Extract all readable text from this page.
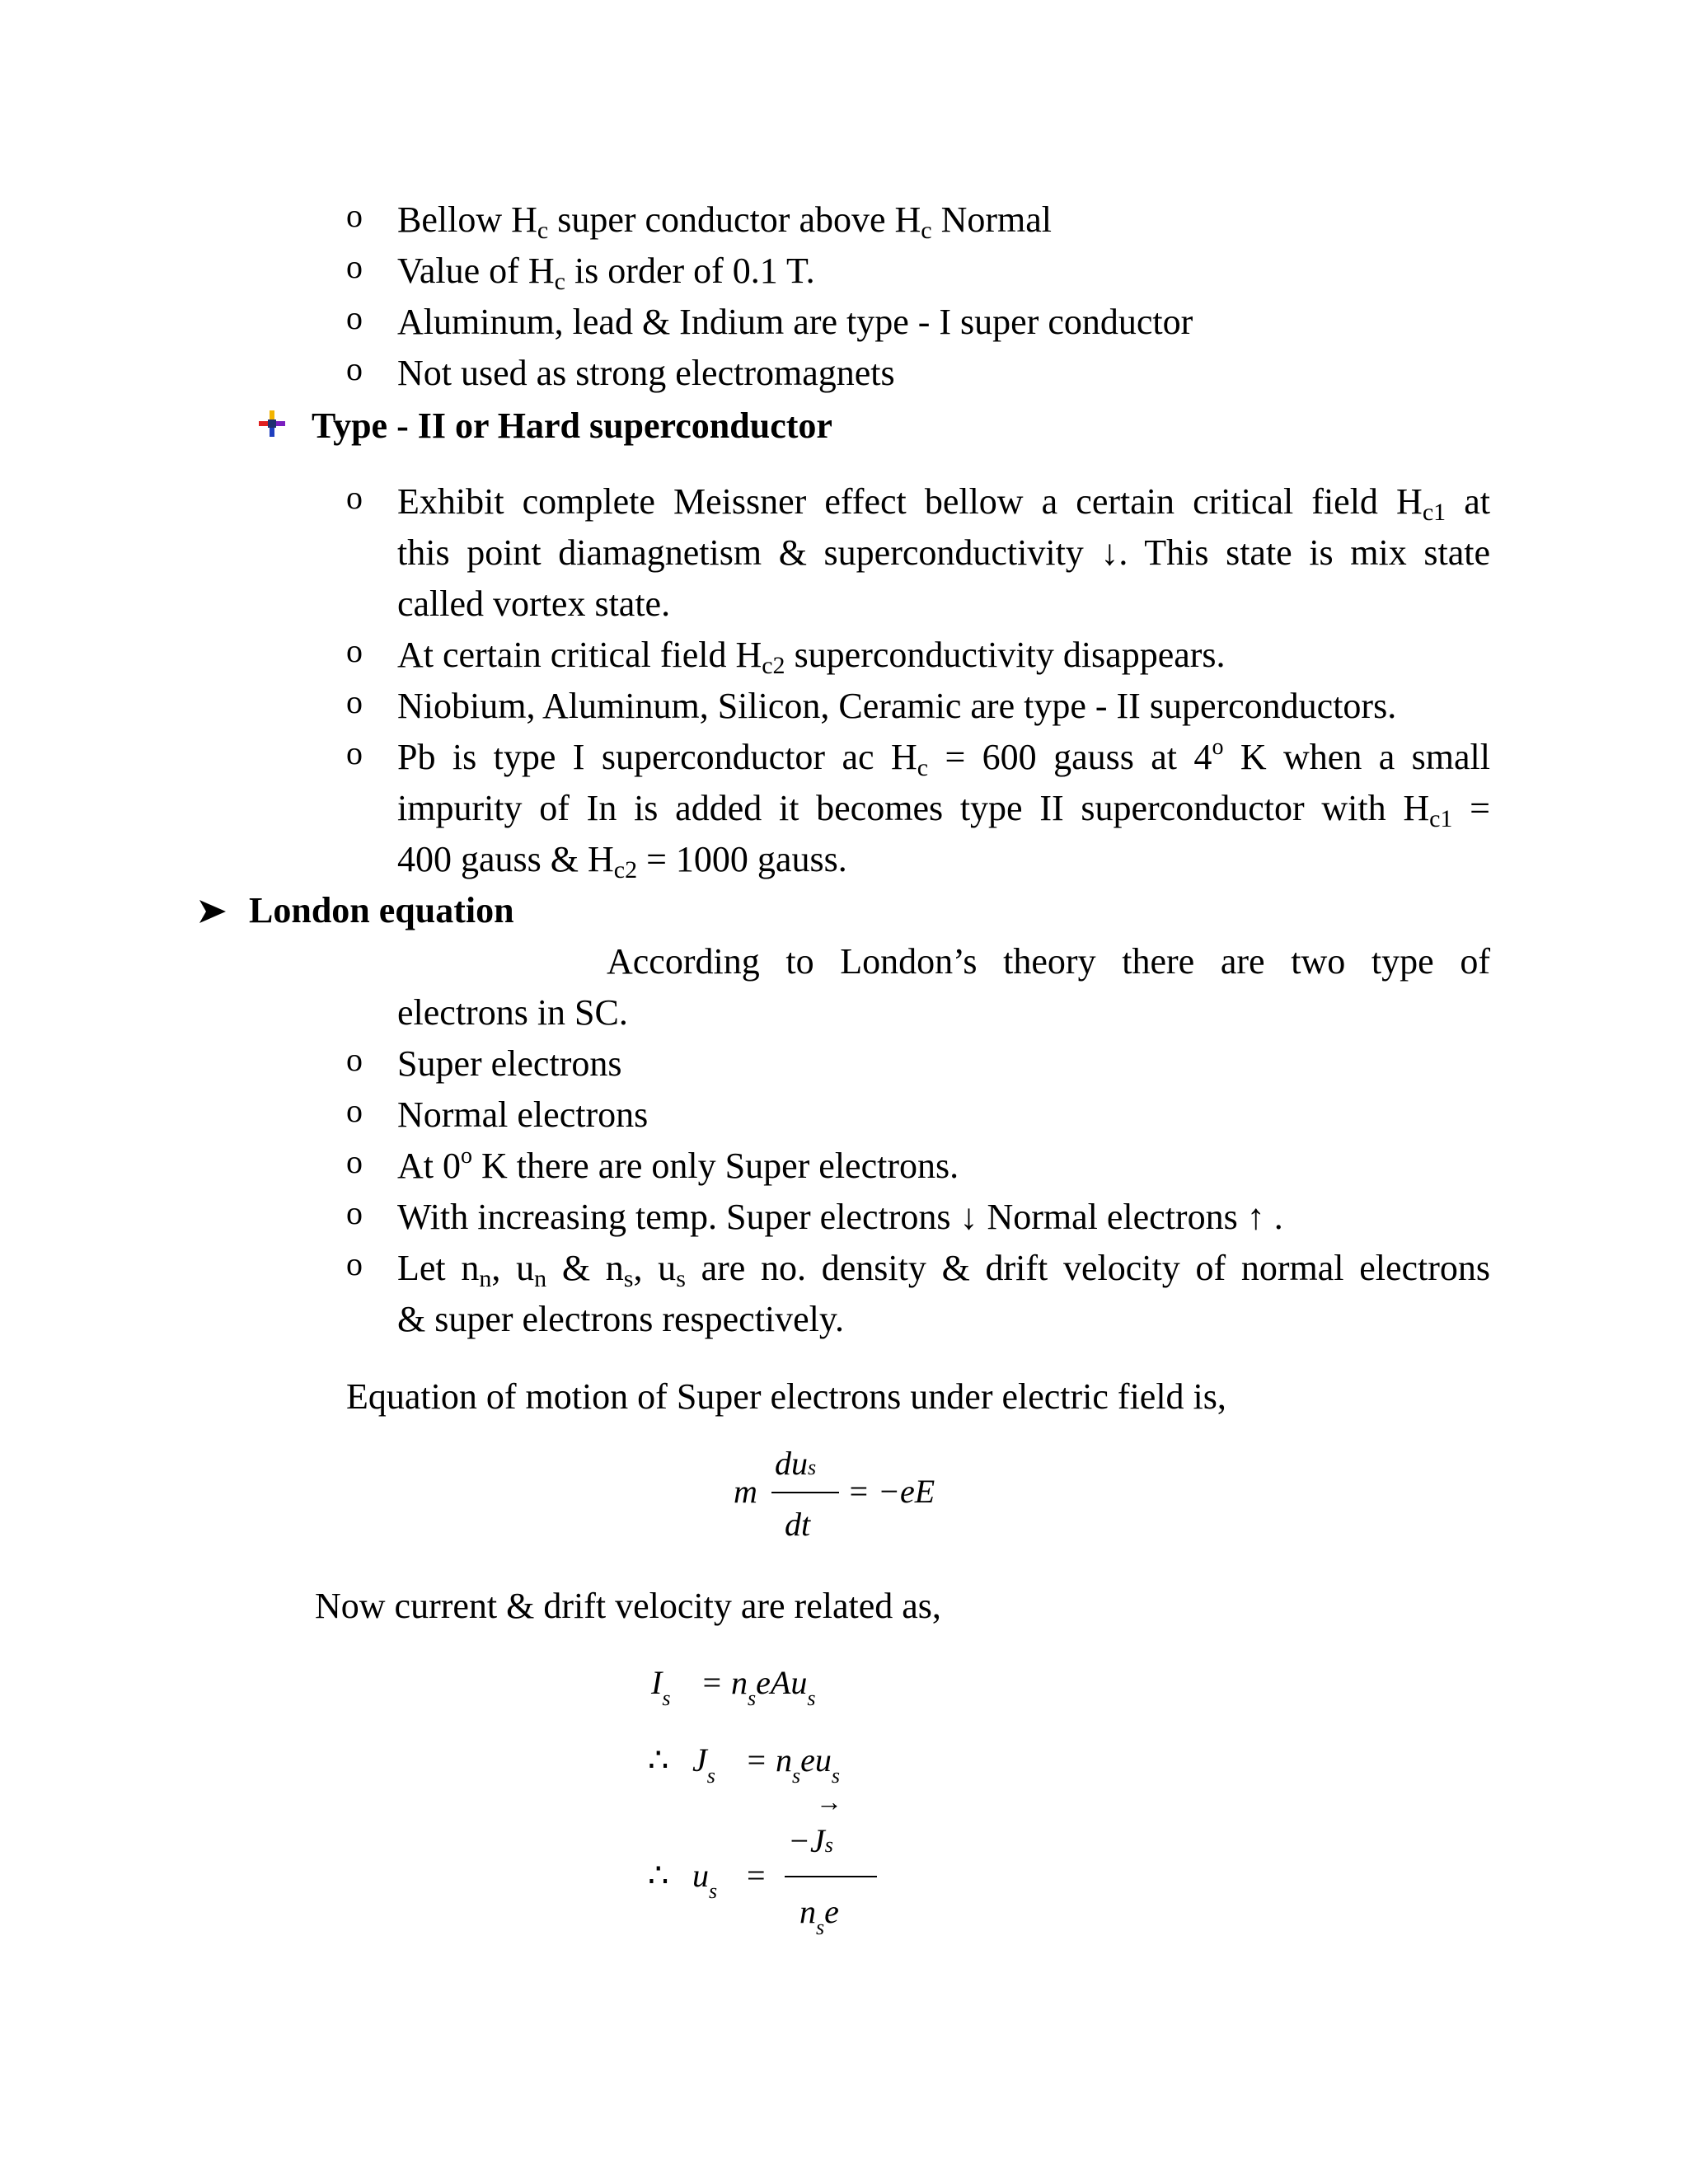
o Bellow $H_c$ super conductor above $H_c$ Normal
o Value of $H_c$ is order of 0.1 T.
o Aluminum, lead & Indium are type - I super conductor
o Not used as strong electromagnets
Type - II or Hard superconductor
o Exhibit complete Meissner effect bellow a certain critical field $H_{c1}$ at
this point diamagnetism & superconductivity ↓. This state is mix state
called vortex state.
o At certain critical field $H_{c2}$ superconductivity disappears.
o Niobium, Aluminum, Silicon, Ceramic are type - II superconductors.
o Pb is type I superconductor ac $H_c = 600$ gauss at 4$^o$ K when a small
impurity of In is added it becomes type II superconductor with $H_{c1}$ =
400 gauss & $H_{c2} = 1000$ gauss.
London equation
According to London’s theory there are two type of
electrons in SC.
o Super electrons
o Normal electrons
o At 0$^o$ K there are only Super electrons.
o With increasing temp. Super electrons ↓ Normal electrons ↑ .
o Let $n_n$, $u_n$ & $n_s$, $u_s$ are no. density & drift velocity of normal electrons
& super electrons respectively.
Equation of motion of Super electrons under electric field is,
m
dus
dt
= −eE
Now current & drift velocity are related as,
$I_s = n_seAu_s$
∴ $J_s = n_seu_s$
→
−Js
∴ $u_s$ =
$n_se$
